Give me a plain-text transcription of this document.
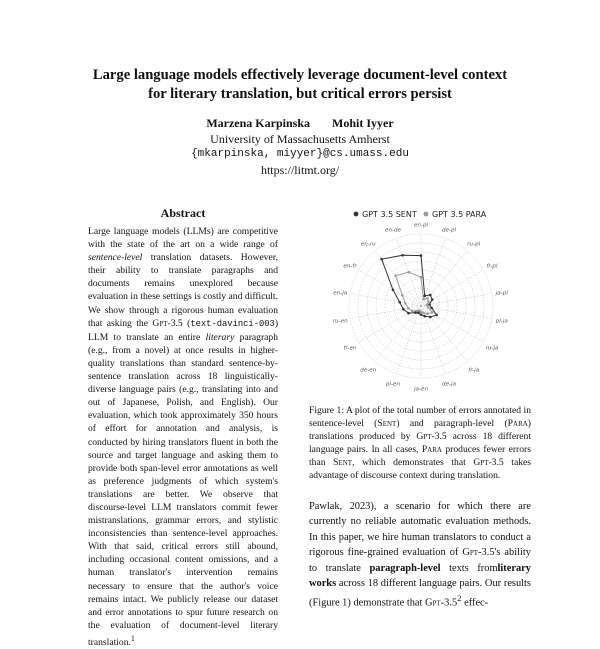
Large language models effectively leverage document-level context
for literary translation, but critical errors persist
Marzena Karpinska Mohit Iyyer
University of Massachusetts Amherst
{mkarpinska, miyyer}@cs.umass.edu
https://litmt.org/
Abstract
Large language models (LLMs) are competitive with the state of the art on a wide range of sentence-level translation datasets. However, their ability to translate paragraphs and documents remains unexplored because evaluation in these settings is costly and difficult. We show through a rigorous human evaluation that asking the Gpt-3.5 (text-davinci-003) LLM to translate an entire literary paragraph (e.g., from a novel) at once results in higher-quality translations than standard sentence-by-sentence translation across 18 linguistically-diverse language pairs (e.g., translating into and out of Japanese, Polish, and English). Our evaluation, which took approximately 350 hours of effort for annotation and analysis, is conducted by hiring translators fluent in both the source and target language and asking them to provide both span-level error annotations as well as preference judgments of which system's translations are better. We observe that discourse-level LLM translators commit fewer mistranslations, grammar errors, and stylistic inconsistencies than sentence-level approaches. With that said, critical errors still abound, including occasional content omissions, and a human translator's intervention remains necessary to ensure that the author's voice remains intact. We publicly release our dataset and error annotations to spur future research on the evaluation of document-level literary translation.$^1$
GPT 3.5 SENT GPT 3.5 PARA
en-pl
de-pl
ru-pl
fr-pl
ja-pl
pl-ja
ru-ja
fr-ja
de-ja
ja-en
pl-en
de-en
fr-en
ru-en
en-ja
en-fr
en-ru
en-de
Figure 1: A plot of the total number of errors annotated in sentence-level (Sent) and paragraph-level (Para) translations produced by Gpt-3.5 across 18 different language pairs. In all cases, Para produces fewer errors than Sent, which demonstrates that Gpt-3.5 takes advantage of discourse context during translation.
Pawlak, 2023), a scenario for which there are currently no reliable automatic evaluation methods. In this paper, we hire human translators to conduct a rigorous fine-grained evaluation of Gpt-3.5's ability to translate paragraph-level texts fromliterary works across 18 different language pairs. Our results (Figure 1) demonstrate that Gpt-$3.5^2$ effec-
